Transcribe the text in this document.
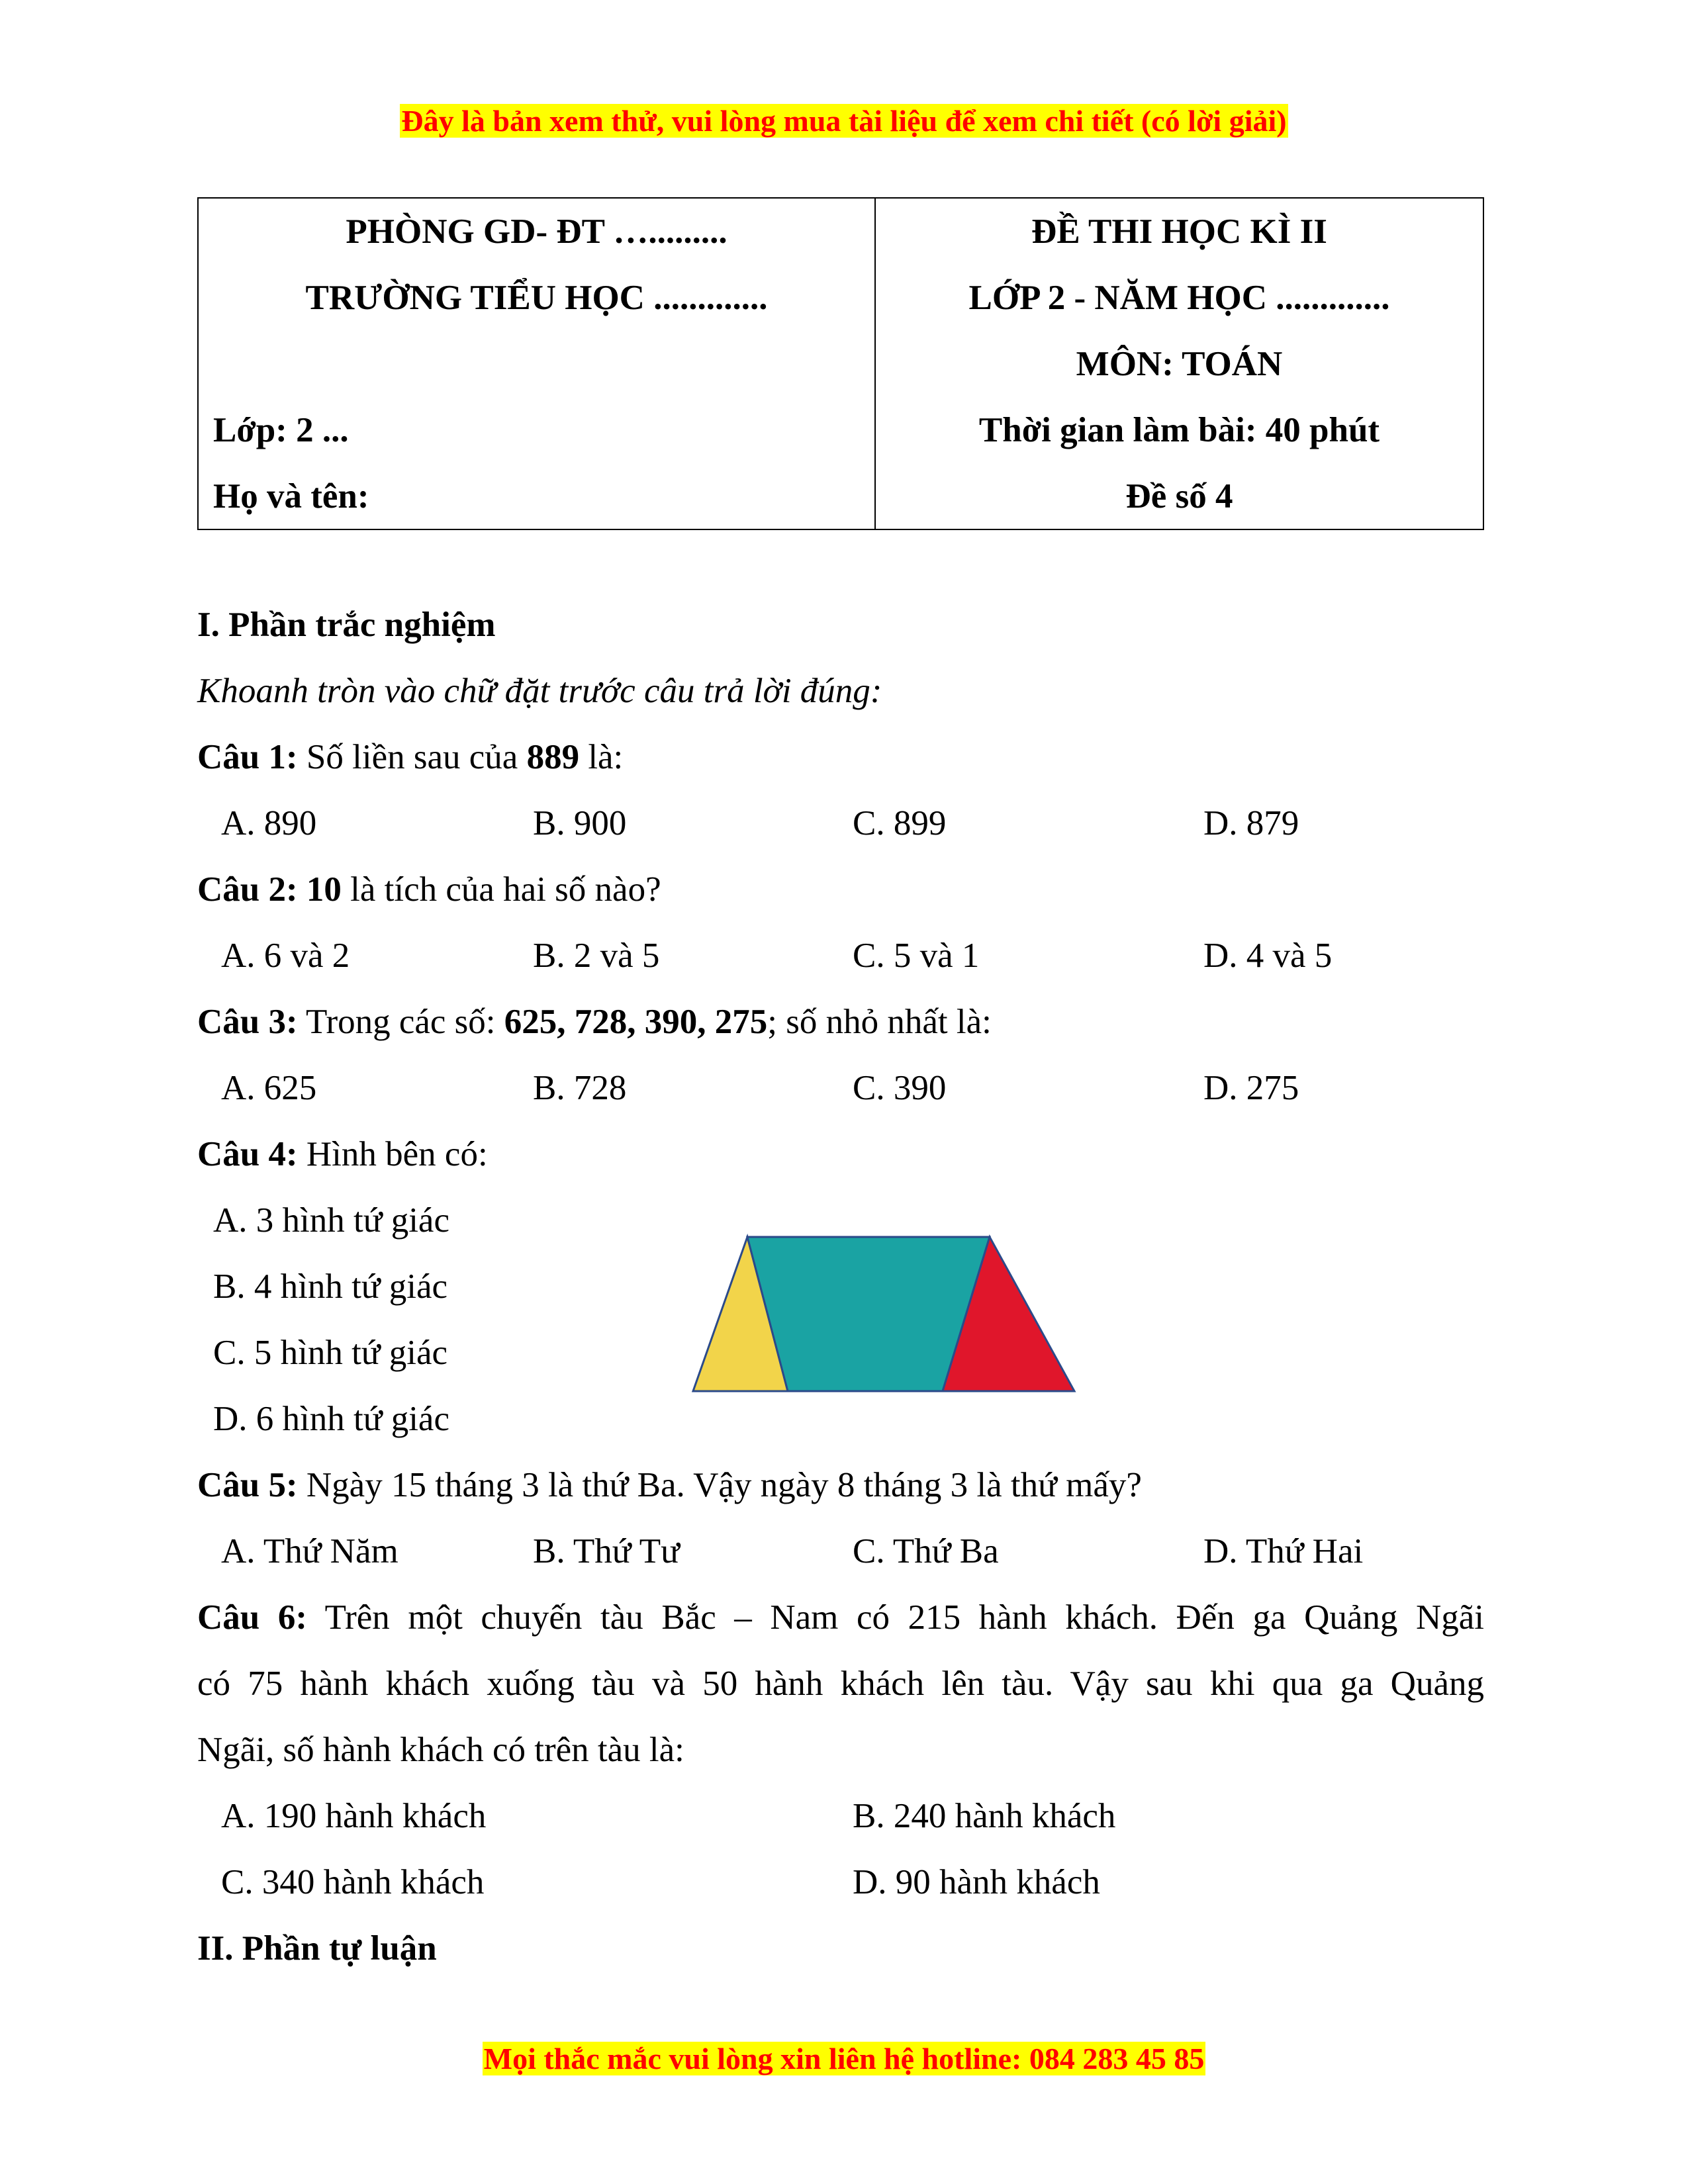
Đây là bản xem thử, vui lòng mua tài liệu để xem chi tiết (có lời giải)
PHÒNG GD- ĐT ….........
TRƯỜNG TIỂU HỌC .............
Lớp: 2 ...
Họ và tên:
ĐỀ THI HỌC KÌ II
LỚP 2 - NĂM HỌC .............
MÔN: TOÁN
Thời gian làm bài: 40 phút
Đề số 4
I. Phần trắc nghiệm
Khoanh tròn vào chữ đặt trước câu trả lời đúng:
Câu 1: Số liền sau của 889 là:
A. 890	B. 900	C. 899	D. 879
Câu 2: 10 là tích của hai số nào?
A. 6 và 2	B. 2 và 5	C. 5 và 1	D. 4 và 5
Câu 3: Trong các số: 625, 728, 390, 275; số nhỏ nhất là:
A. 625	B. 728	C. 390	D. 275
Câu 4: Hình bên có:
A. 3 hình tứ giác
B. 4 hình tứ giác
C. 5 hình tứ giác
D. 6 hình tứ giác
Câu 5: Ngày 15 tháng 3 là thứ Ba. Vậy ngày 8 tháng 3 là thứ mấy?
A. Thứ Năm	B. Thứ Tư	C. Thứ Ba	D. Thứ Hai
Câu 6: Trên một chuyến tàu Bắc – Nam có 215 hành khách. Đến ga Quảng Ngãi
có 75 hành khách xuống tàu và 50 hành khách lên tàu. Vậy sau khi qua ga Quảng
Ngãi, số hành khách có trên tàu là:
A. 190 hành khách	B. 240 hành khách
C. 340 hành khách	D. 90 hành khách
II. Phần tự luận
Mọi thắc mắc vui lòng xin liên hệ hotline: 084 283 45 85
